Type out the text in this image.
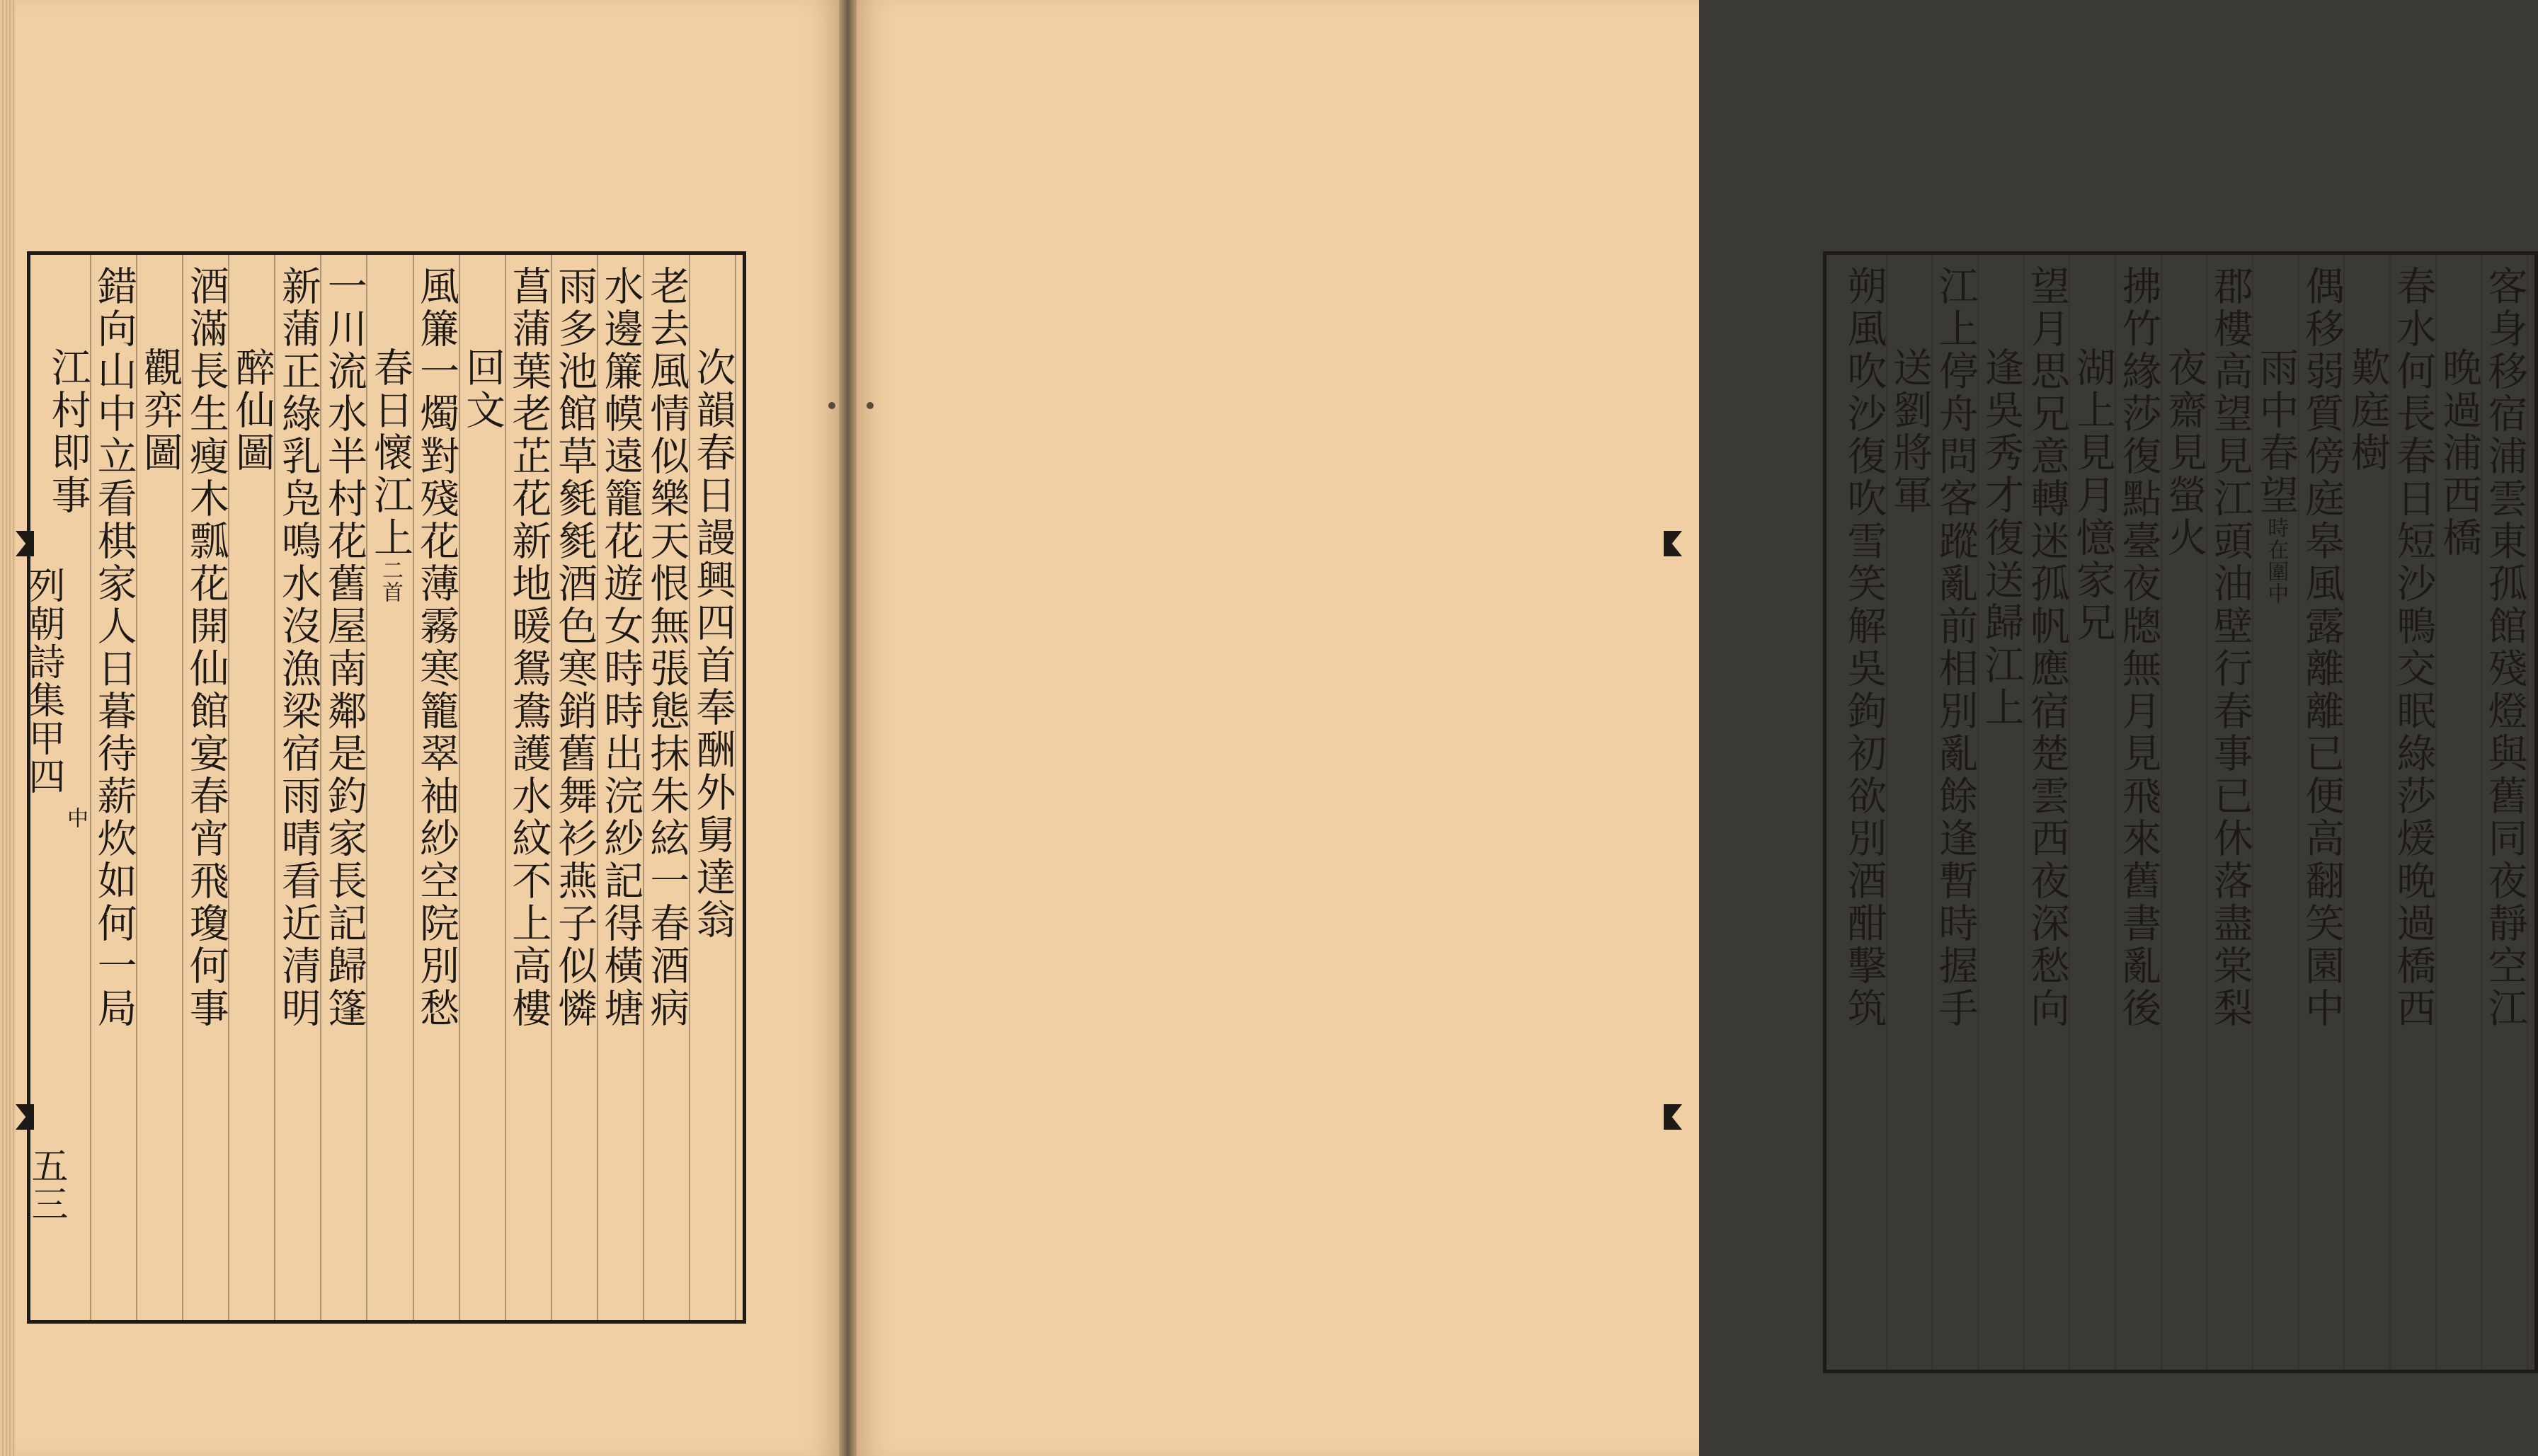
次韻春日謾興四首奉酬外舅達翁
老去風情似樂天恨無張態抹朱絃一春酒病
水邊簾幙遠籠花遊女時時出浣紗記得橫塘
雨多池館草毿毿酒色寒銷舊舞衫燕子似憐
菖蒲葉老芷花新地暖鴛鴦護水紋不上高樓
回文
風簾一燭對殘花薄霧寒籠翠袖紗空院別愁
春日懷江上二首
一川流水半村花舊屋南鄰是釣家長記歸篷
新蒲正綠乳凫鳴水沒漁梁宿雨晴看近清明
醉仙圖
酒滿長生瘦木瓢花開仙館宴春宵飛瓊何事
觀弈圖
錯向山中立看棋家人日暮待薪炊如何一局
江村即事
列朝詩集甲四
中
五三
客身移宿浦雲東孤館殘燈與舊同夜靜空江
晚過浦西橋
春水何長春日短沙鴨交眠綠莎煖晚過橋西
歎庭樹
偶移弱質傍庭皋風露離離已便高翻笑園中
雨中春望時在圍中
郡樓高望見江頭油壁行春事已休落盡棠梨
夜齋見螢火
拂竹緣莎復點臺夜牕無月見飛來舊書亂後
湖上見月憶家兄
望月思兄意轉迷孤帆應宿楚雲西夜深愁向
逢吳秀才復送歸江上
江上停舟問客蹤亂前相別亂餘逢暫時握手
送劉將軍
朔風吹沙復吹雪笑解吳鉤初欲別酒酣擊筑
